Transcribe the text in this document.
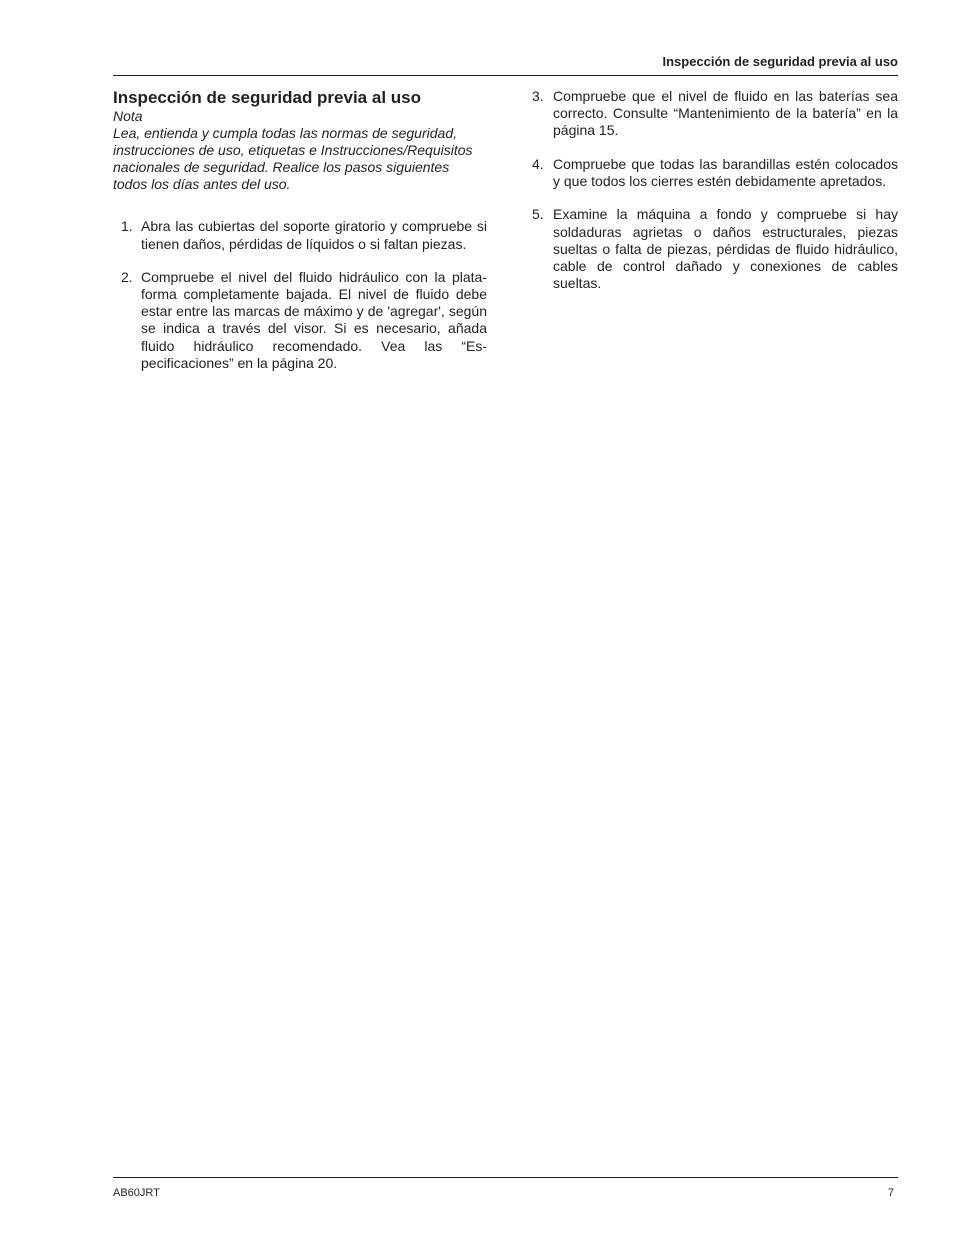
Inspección de seguridad previa al uso
Inspección de seguridad previa al uso
Nota

Lea, entienda y cumpla todas las normas de seguridad, instrucciones de uso, etiquetas e Instrucciones/Requisitos nacionales de seguridad. Realice los pasos siguientes todos los días antes del uso.

1. Abra las cubiertas del soporte giratorio y compruebe si tienen daños, pérdidas de líquidos o si faltan piezas.
2. Compruebe el nivel del fluido hidráulico con la plataforma completamente bajada. El nivel de fluido debe estar entre las marcas de máximo y de 'agregar', según se indica a través del visor. Si es necesario, añada fluido hidráulico recomendado. Vea las “Especificaciones” en la página 20.
3. Compruebe que el nivel de fluido en las baterías sea correcto. Consulte “Mantenimiento de la batería” en la página 15.
4. Compruebe que todas las barandillas estén colocados y que todos los cierres estén debidamente apretados.
5. Examine la máquina a fondo y compruebe si hay soldaduras agrietas o daños estructurales, piezas sueltas o falta de piezas, pérdidas de fluido hidráulico, cable de control dañado y conexiones de cables sueltas.
AB60JRT	7
